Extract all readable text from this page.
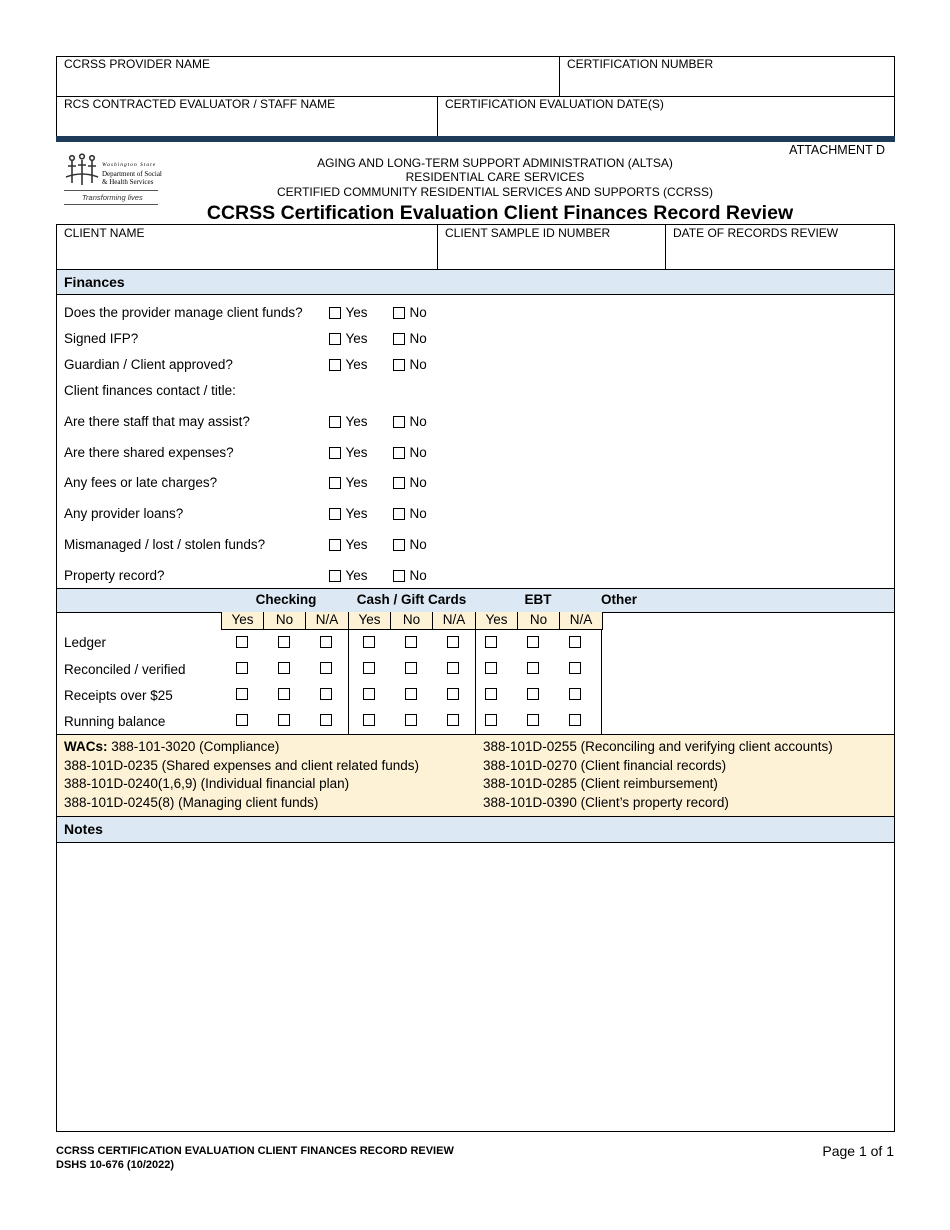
CCRSS PROVIDER NAME	CERTIFICATION NUMBER
RCS CONTRACTED EVALUATOR / STAFF NAME	CERTIFICATION EVALUATION DATE(S)
ATTACHMENT D
Washington State
Department of Social
& Health Services
Transforming lives
AGING AND LONG-TERM SUPPORT ADMINISTRATION (ALTSA)
RESIDENTIAL CARE SERVICES
CERTIFIED COMMUNITY RESIDENTIAL SERVICES AND SUPPORTS (CCRSS)
CCRSS Certification Evaluation Client Finances Record Review
CLIENT NAME	CLIENT SAMPLE ID NUMBER	DATE OF RECORDS REVIEW
Finances
Does the provider manage client funds?	Yes	No
Signed IFP?	Yes	No
Guardian / Client approved?	Yes	No
Client finances contact / title:
Are there staff that may assist?	Yes	No
Are there shared expenses?	Yes	No
Any fees or late charges?	Yes	No
Any provider loans?	Yes	No
Mismanaged / lost / stolen funds?	Yes	No
Property record?	Yes	No
Checking	Cash / Gift Cards	EBT	Other
Yes	No	N/A	Yes	No	N/A	Yes	No	N/A
Ledger
Reconciled / verified
Receipts over $25
Running balance
WACs: 388-101-3020 (Compliance)
388-101D-0235 (Shared expenses and client related funds)
388-101D-0240(1,6,9) (Individual financial plan)
388-101D-0245(8) (Managing client funds)
388-101D-0255 (Reconciling and verifying client accounts)
388-101D-0270 (Client financial records)
388-101D-0285 (Client reimbursement)
388-101D-0390 (Client’s property record)
Notes
CCRSS CERTIFICATION EVALUATION CLIENT FINANCES RECORD REVIEW
DSHS 10-676 (10/2022)
Page 1 of 1
